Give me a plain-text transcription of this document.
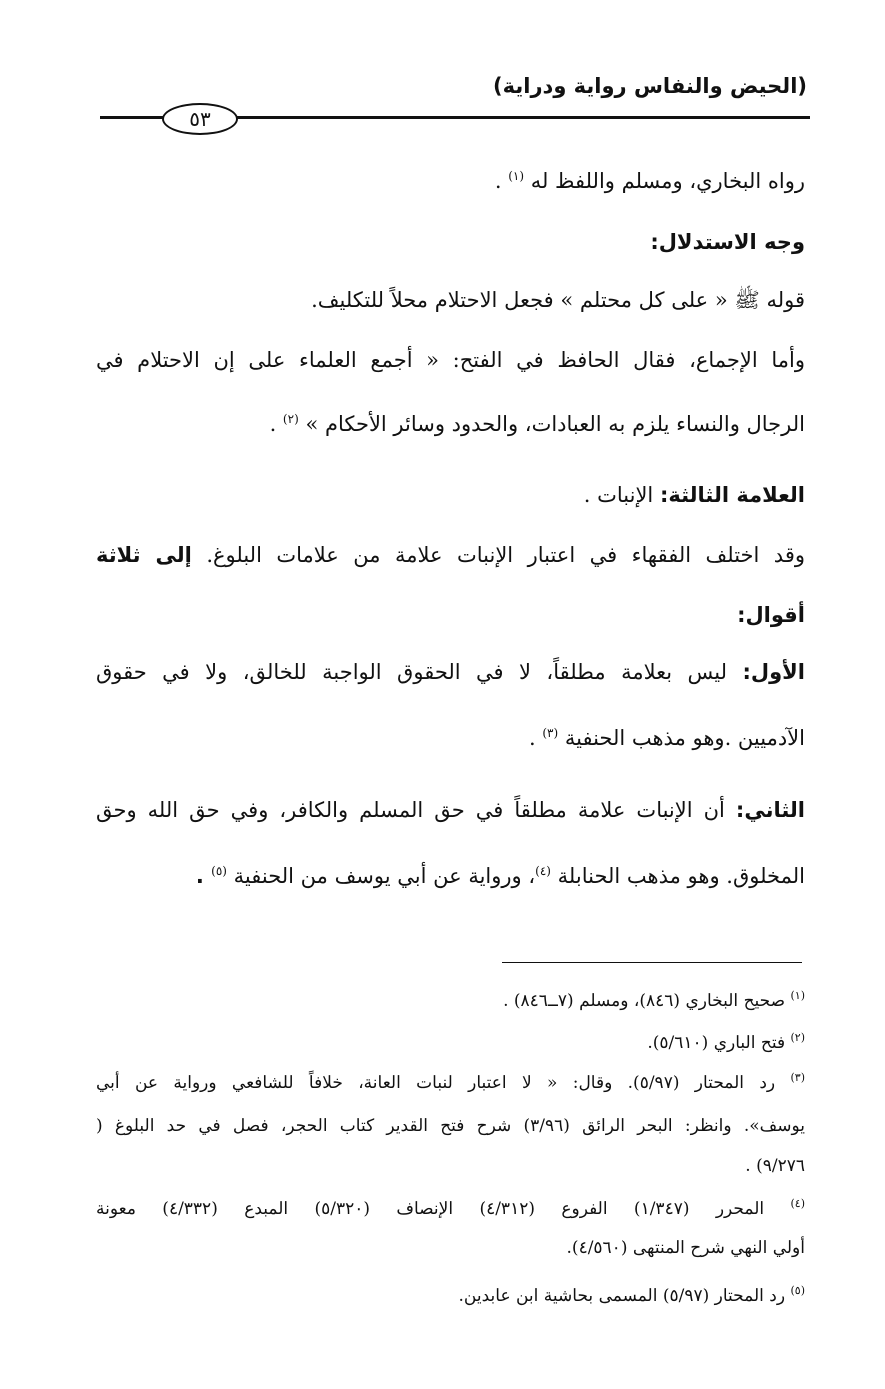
(الحيض والنفاس رواية ودراية)
٥٣
رواه البخاري، ومسلم واللفظ له $^{(١)}$ .
وجه الاستدلال:
قوله ﷺ « على كل محتلم » فجعل الاحتلام محلاً للتكليف.
وأما الإجماع، فقال الحافظ في الفتح: « أجمع العلماء على إن الاحتلام في
الرجال والنساء يلزم به العبادات، والحدود وسائر الأحكام » $^{(٢)}$ .
العلامة الثالثة: الإنبات .
وقد اختلف الفقهاء في اعتبار الإنبات علامة من علامات البلوغ. إلى ثلاثة
أقوال:
الأول: ليس بعلامة مطلقاً، لا في الحقوق الواجبة للخالق، ولا في حقوق
الآدميين .وهو مذهب الحنفية $^{(٣)}$ .
الثاني: أن الإنبات علامة مطلقاً في حق المسلم والكافر، وفي حق الله وحق
المخلوق. وهو مذهب الحنابلة $^{(٤)}$، ورواية عن أبي يوسف من الحنفية $^{(٥)}$ .
$^{(١)}$ صحيح البخاري (٨٤٦)، ومسلم (٧ــ٨٤٦) .
$^{(٢)}$ فتح الباري (٥/٦١٠).
$^{(٣)}$ رد المحتار (٥/٩٧). وقال: « لا اعتبار لنبات العانة، خلافاً للشافعي ورواية عن أبي
يوسف». وانظر: البحر الرائق (٣/٩٦) شرح فتح القدير كتاب الحجر، فصل في حد البلوغ (
٩/٢٧٦) .
$^{(٤)}$ المحرر (١/٣٤٧) الفروع (٤/٣١٢) الإنصاف (٥/٣٢٠) المبدع (٤/٣٣٢) معونة
أولي النهي شرح المنتهى (٤/٥٦٠).
$^{(٥)}$ رد المحتار (٥/٩٧) المسمى بحاشية ابن عابدين.
